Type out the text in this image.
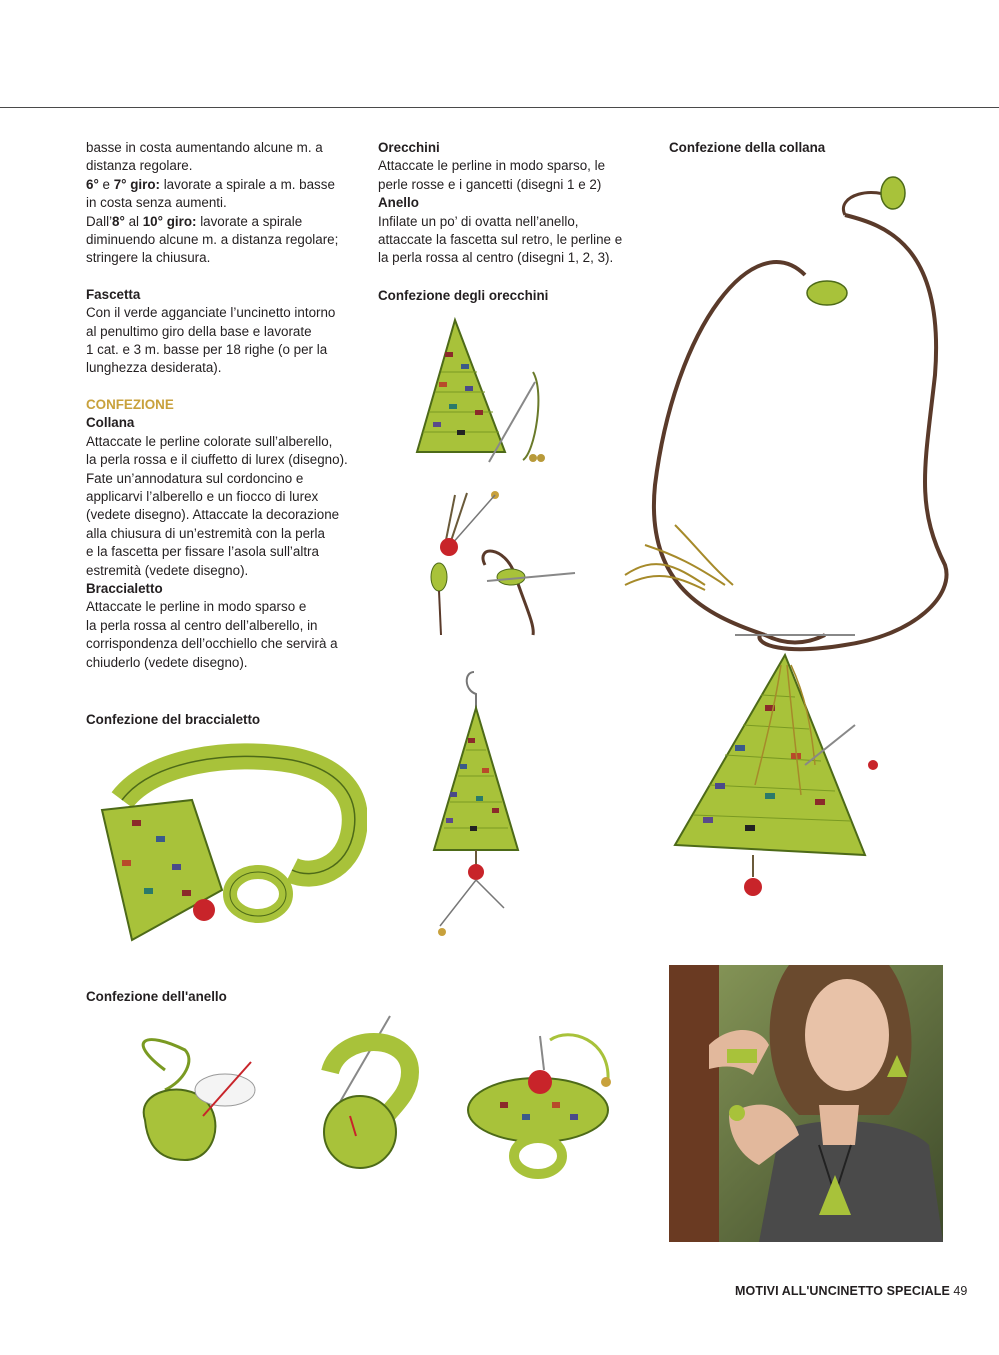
basse in costa aumentando alcune m. a

distanza regolare.

6° e 7° giro: lavorate a spirale a m. basse

in costa senza aumenti.

Dall’8° al 10° giro: lavorate a spirale

diminuendo alcune m. a distanza regolare;

stringere la chiusura.

Fascetta

Con il verde agganciate l’uncinetto intorno

al penultimo giro della base e lavorate

1 cat. e 3 m. basse per 18 righe (o per la

lunghezza desiderata).

CONFEZIONE

Collana

Attaccate le perline colorate sull’alberello,

la perla rossa e il ciuffetto di lurex (disegno).

Fate un’annodatura sul cordoncino e

applicarvi l’alberello e un fiocco di lurex

(vedete disegno). Attaccate la decorazione

alla chiusura di un’estremità con la perla

e la fascetta per fissare l’asola sull’altra

estremità (vedete disegno).

Braccialetto

Attaccate le perline in modo sparso e

la perla rossa al centro dell’alberello, in

corrispondenza dell’occhiello che servirà a

chiuderlo (vedete disegno).

Orecchini

Attaccate le perline in modo sparso, le

perle rosse e i gancetti (disegni 1 e 2)

Anello

Infilate un po’ di ovatta nell’anello,

attaccate la fascetta sul retro, le perline e

la perla rossa al centro (disegni 1, 2, 3).

Confezione degli orecchini
Confezione della collana
Confezione del braccialetto
Confezione dell'anello
MOTIVI ALL'UNCINETTO SPECIALE 49
